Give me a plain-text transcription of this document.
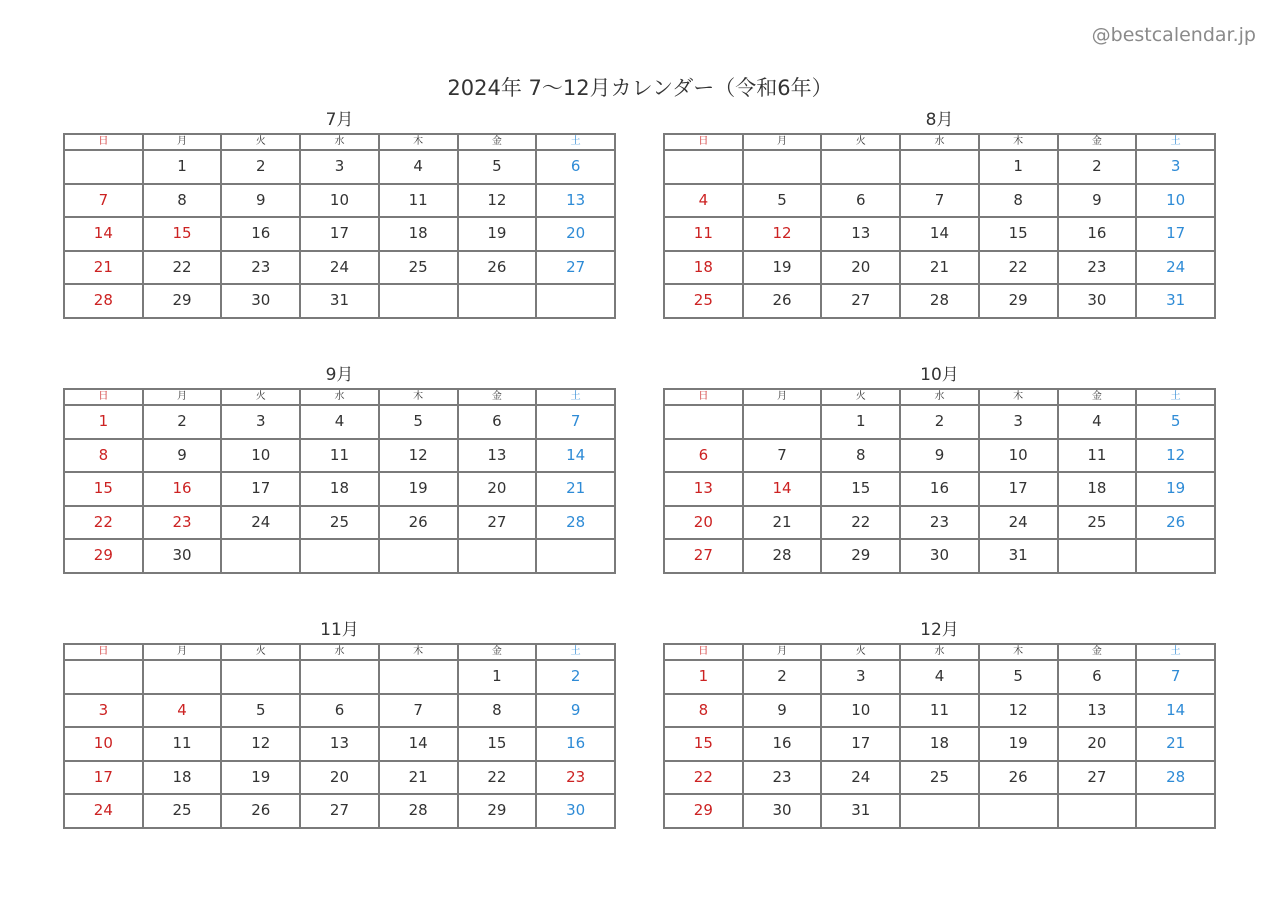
@bestcalendar.jp
2024年 7〜12月カレンダー（令和6年）
7月
日	月	火	水	木	金	土
	1	2	3	4	5	6
7	8	9	10	11	12	13
14	15	16	17	18	19	20
21	22	23	24	25	26	27
28	29	30	31			
8月
日	月	火	水	木	金	土
				1	2	3
4	5	6	7	8	9	10
11	12	13	14	15	16	17
18	19	20	21	22	23	24
25	26	27	28	29	30	31
9月
日	月	火	水	木	金	土
1	2	3	4	5	6	7
8	9	10	11	12	13	14
15	16	17	18	19	20	21
22	23	24	25	26	27	28
29	30					
10月
日	月	火	水	木	金	土
		1	2	3	4	5
6	7	8	9	10	11	12
13	14	15	16	17	18	19
20	21	22	23	24	25	26
27	28	29	30	31		
11月
日	月	火	水	木	金	土
					1	2
3	4	5	6	7	8	9
10	11	12	13	14	15	16
17	18	19	20	21	22	23
24	25	26	27	28	29	30
12月
日	月	火	水	木	金	土
1	2	3	4	5	6	7
8	9	10	11	12	13	14
15	16	17	18	19	20	21
22	23	24	25	26	27	28
29	30	31				
